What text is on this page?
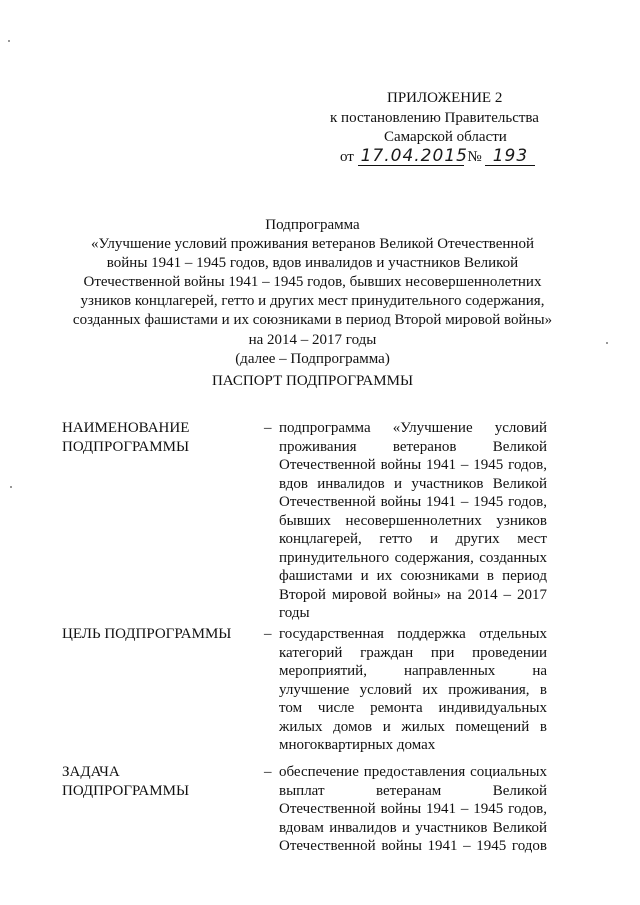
ПРИЛОЖЕНИЕ 2
к постановлению Правительства
Самарской области
от 17.04.2015 № 193
Подпрограмма
«Улучшение условий проживания ветеранов Великой Отечественной
войны 1941 – 1945 годов, вдов инвалидов и участников Великой
Отечественной войны 1941 – 1945 годов, бывших несовершеннолетних
узников концлагерей, гетто и других мест принудительного содержания,
созданных фашистами и их союзниками в период Второй мировой войны»
на 2014 – 2017 годы
(далее – Подпрограмма)
ПАСПОРТ ПОДПРОГРАММЫ
НАИМЕНОВАНИЕ
ПОДПРОГРАММЫ
– подпрограмма «Улучшение условий
проживания ветеранов Великой
Отечественной войны 1941 – 1945 годов,
вдов инвалидов и участников Великой
Отечественной войны 1941 – 1945 годов,
бывших несовершеннолетних узников
концлагерей, гетто и других мест
принудительного содержания, созданных
фашистами и их союзниками в период
Второй мировой войны» на 2014 – 2017
годы
ЦЕЛЬ ПОДПРОГРАММЫ	– государственная поддержка отдельных
категорий граждан при проведении
мероприятий, направленных на
улучшение условий их проживания, в
том числе ремонта индивидуальных
жилых домов и жилых помещений в
многоквартирных домах
ЗАДАЧА
ПОДПРОГРАММЫ
– обеспечение предоставления социальных
выплат ветеранам Великой
Отечественной войны 1941 – 1945 годов,
вдовам инвалидов и участников Великой
Отечественной войны 1941 – 1945 годов
